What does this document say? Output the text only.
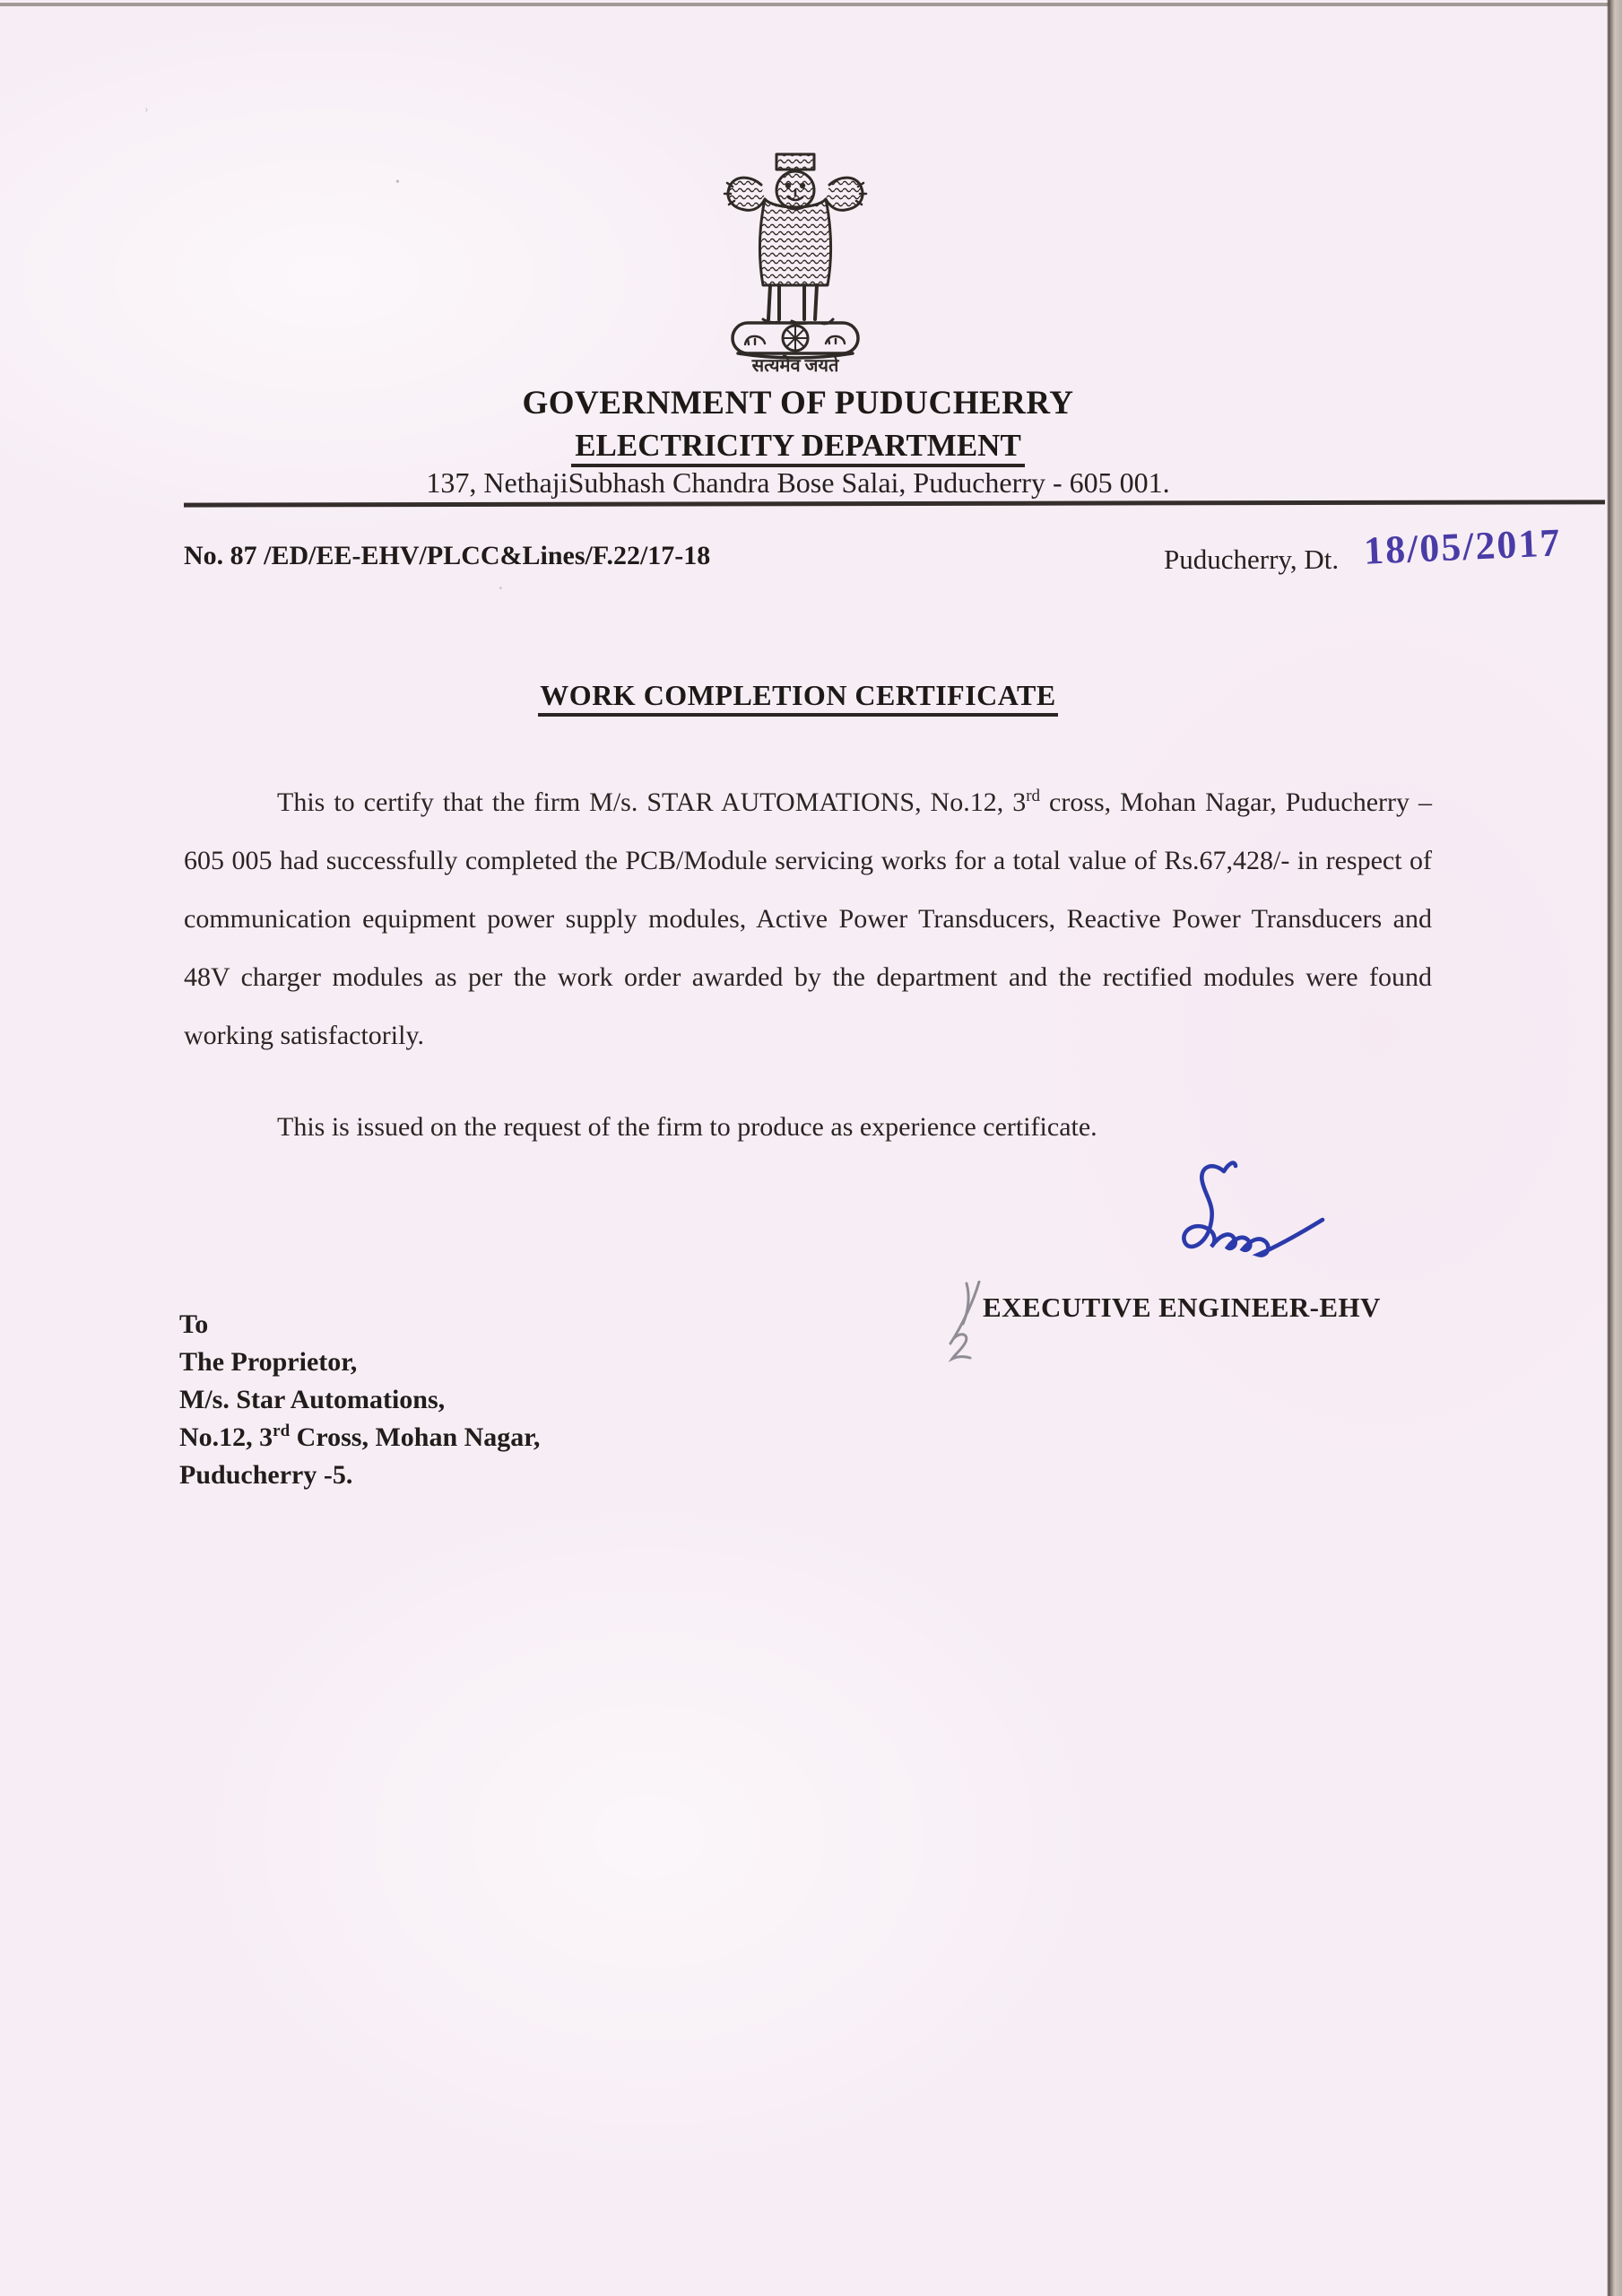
ʾ
•
•
सत्यमेव जयते
GOVERNMENT OF PUDUCHERRY
ELECTRICITY DEPARTMENT
137, NethajiSubhash Chandra Bose Salai, Puducherry - 605 001.
No. 87 /ED/EE-EHV/PLCC&Lines/F.22/17-18	Puducherry, Dt. 18/05/2017
WORK COMPLETION CERTIFICATE

This to certify that the firm M/s. STAR AUTOMATIONS, No.12, 3rd cross, Mohan Nagar, Puducherry – 605 005 had successfully completed the PCB/Module servicing works for a total value of Rs.67,428/- in respect of communication equipment power supply modules, Active Power Transducers, Reactive Power Transducers and 48V charger modules as per the work order awarded by the department and the rectified modules were found working satisfactorily.

This is issued on the request of the firm to produce as experience certificate.

EXECUTIVE ENGINEER-EHV
To
The Proprietor,
M/s. Star Automations,
No.12, 3rd Cross, Mohan Nagar,
Puducherry -5.
